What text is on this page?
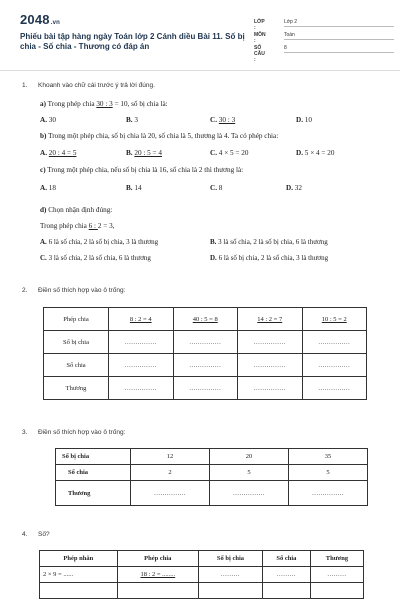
2048.vn
Phiếu bài tập hàng ngày Toán lớp 2 Cánh diều Bài 11. Số bị chia - Số chia - Thương có đáp án
LỚP :
Lớp 2
MÔN :
Toán
SỐ CÂU :
8
1. Khoanh vào chữ cái trước ý trả lời đúng.
a) Trong phép chia 30 : 3 = 10, số bị chia là:
A. 30	B. 3	C. 30 : 3	D. 10
b) Trong một phép chia, số bị chia là 20, số chia là 5, thương là 4. Ta có phép chia:
A. 20 : 4 = 5	B. 20 : 5 = 4	C. 4 × 5 = 20	D. 5 × 4 = 20
c) Trong một phép chia, nếu số bị chia là 16, số chia là 2 thì thương là:
A. 18	B. 14	C. 8	D. 32
d) Chọn nhận định đúng:
Trong phép chia 6 : 2 = 3,
A. 6 là số chia, 2 là số bị chia, 3 là thương	B. 3 là số chia, 2 là số bị chia, 6 là thương
C. 3 là số chia, 2 là số chia, 6 là thương	D. 6 là số bị chia, 2 là số chia, 3 là thương
2. Điền số thích hợp vào ô trống:
Phép chia	8 : 2 = 4	40 : 5 = 8	14 : 2 = 7	10 : 5 = 2
Số bị chia	...............	...............	...............	...............
Số chia	...............	...............	...............	...............
Thương	...............	...............	...............	...............
3. Điền số thích hợp vào ô trống:
Số bị chia	12	20	35
Số chia	2	5	5
Thương	...............	...............	...............
4. Số?
Phép nhân	Phép chia	Số bị chia	Số chia	Thương
2 × 9 = ......	18 : 2 = ........	.........	.........	.........
